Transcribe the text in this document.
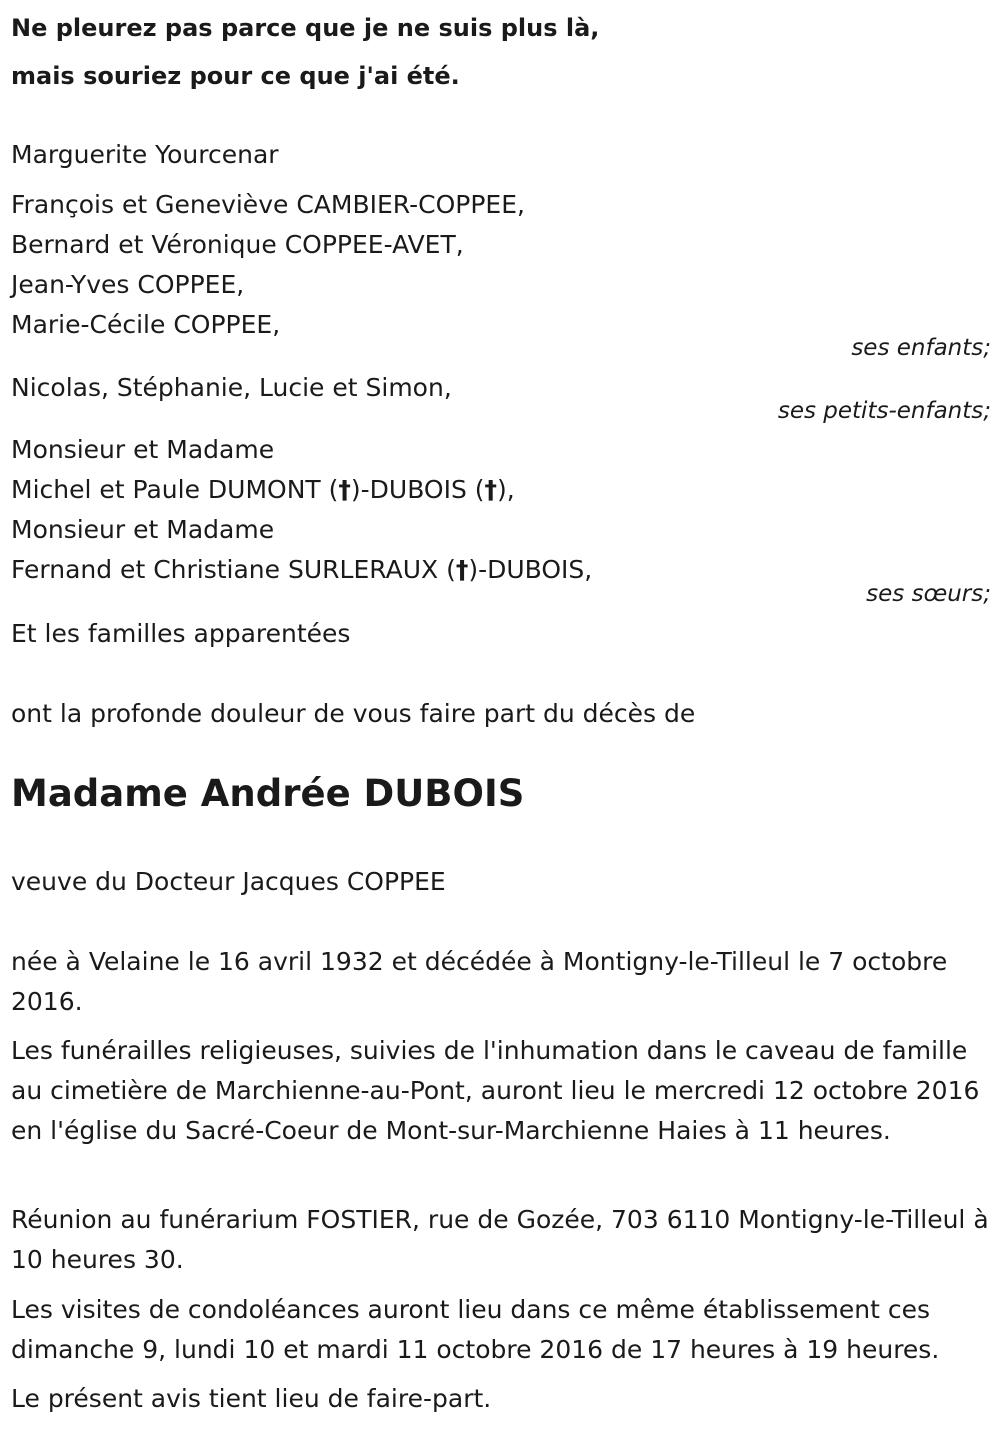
Ne pleurez pas parce que je ne suis plus là,
mais souriez pour ce que j'ai été.
Marguerite Yourcenar
François et Geneviève CAMBIER-COPPEE,
Bernard et Véronique COPPEE-AVET,
Jean-Yves COPPEE,
Marie-Cécile COPPEE,
ses enfants;
Nicolas, Stéphanie, Lucie et Simon,
ses petits-enfants;
Monsieur et Madame
Michel et Paule DUMONT (†)-DUBOIS (†),
Monsieur et Madame
Fernand et Christiane SURLERAUX (†)-DUBOIS,
ses sœurs;
Et les familles apparentées
ont la profonde douleur de vous faire part du décès de
Madame Andrée DUBOIS
veuve du Docteur Jacques COPPEE
née à Velaine le 16 avril 1932 et décédée à Montigny-le-Tilleul le 7 octobre 2016.
Les funérailles religieuses, suivies de l'inhumation dans le caveau de famille au cimetière de Marchienne-au-Pont, auront lieu le mercredi 12 octobre 2016 en l'église du Sacré-Coeur de Mont-sur-Marchienne Haies à 11 heures.
Réunion au funérarium FOSTIER, rue de Gozée, 703 6110 Montigny-le-Tilleul à 10 heures 30.
Les visites de condoléances auront lieu dans ce même établissement ces dimanche 9, lundi 10 et mardi 11 octobre 2016 de 17 heures à 19 heures.
Le présent avis tient lieu de faire-part.
